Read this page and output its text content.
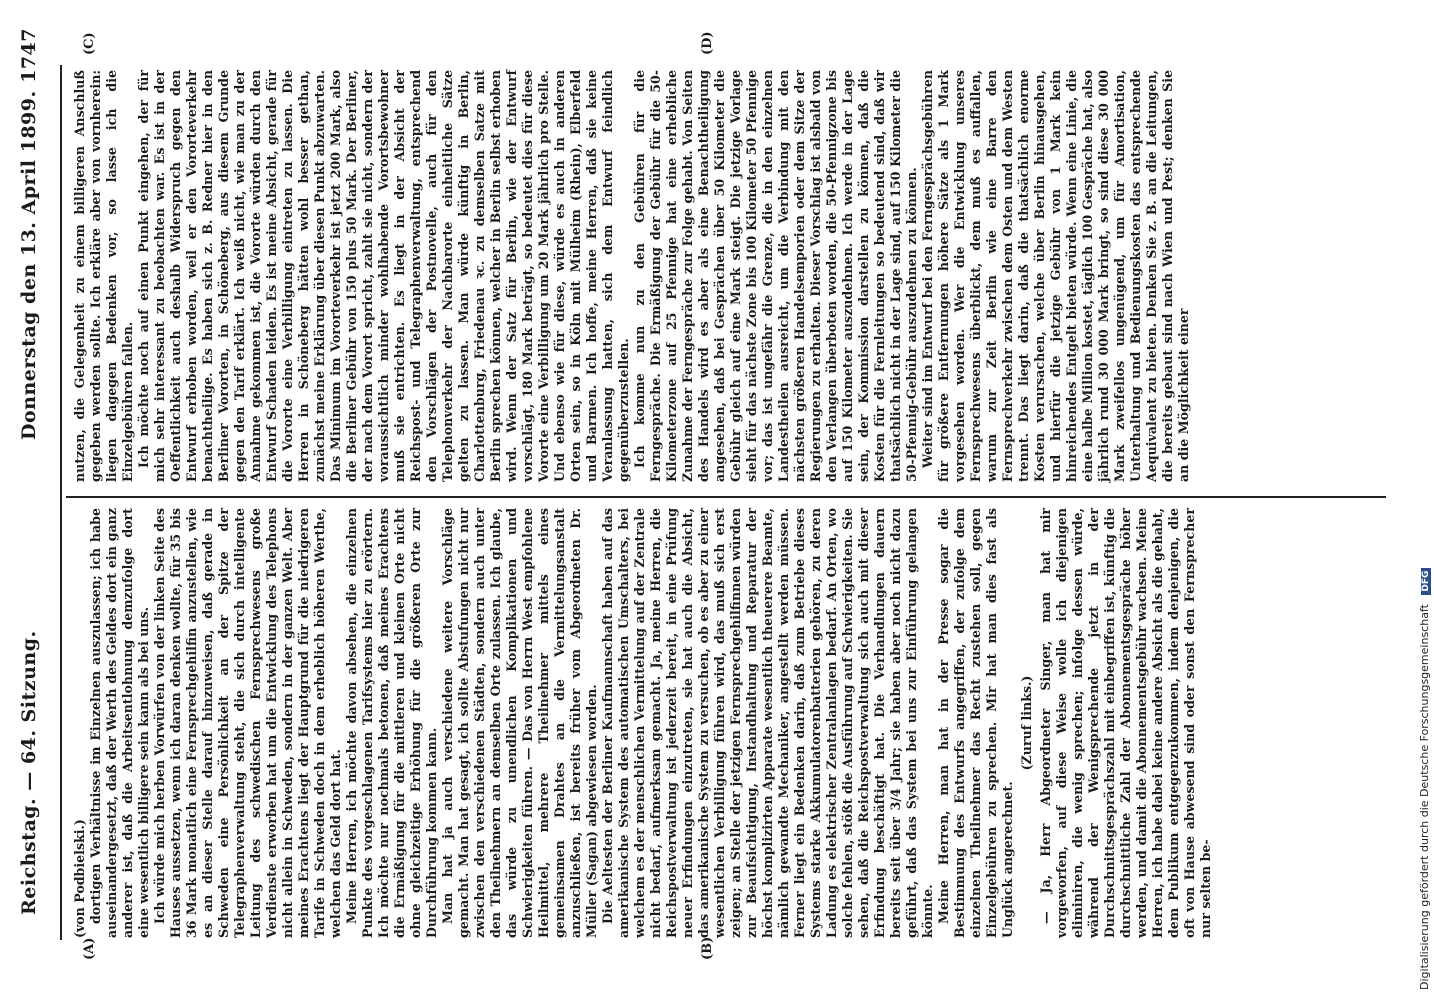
Reichstag. — 64. Sitzung.
Donnerstag den 13. April 1899.
1747
(A)	(B)
(C)	(D)

(von Podbielski.) dortigen Verhältnisse im Einzelnen auszulassen; ich habe auseinandergesetzt, daß der Werth des Geldes dort ein ganz anderer ist, daß die Arbeitsentlohnung demzufolge dort eine wesentlich billigere sein kann als bei uns. Ich würde mich herben Vorwürfen von der linken Seite des Hauses aussetzen, wenn ich daran denken wollte, für 35 bis 36 Mark monatlich eine Fernsprechgehilfin anzustellen, wie es an dieser Stelle darauf hinzuweisen, daß gerade in Schweden eine Persönlichkeit an der Spitze der Telegraphenverwaltung steht, die sich durch intelligente Leitung des schwedischen Fernsprechwesens große Verdienste erworben hat um die Entwicklung des Telephons nicht allein in Schweden, sondern in der ganzen Welt. Aber meines Erachtens liegt der Hauptgrund für die niedrigeren Tarife in Schweden doch in dem erheblich höheren Werthe, welchen das Geld dort hat. Meine Herren, ich möchte davon absehen, die einzelnen Punkte des vorgeschlagenen Tarifsystems hier zu erörtern. Ich möchte nur nochmals betonen, daß meines Erachtens die Ermäßigung für die mittleren und kleinen Orte nicht ohne gleichzeitige Erhöhung für die größeren Orte zur Durchführung kommen kann. Man hat ja auch verschiedene weitere Vorschläge gemacht. Man hat gesagt, ich sollte Abstufungen nicht nur zwischen den verschiedenen Städten, sondern auch unter den Theilnehmern an demselben Orte zulassen. Ich glaube, das würde zu unendlichen Komplikationen und Schwierigkeiten führen. — Das von Herrn West empfohlene Heilmittel, mehrere Theilnehmer mittels eines gemeinsamen Drahtes an die Vermittelungsanstalt anzuschließen, ist bereits früher vom Abgeordneten Dr. Müller (Sagan) abgewiesen worden. Die Aeltesten der Berliner Kaufmannschaft haben auf das amerikanische System des automatischen Umschalters, bei welchem es der menschlichen Vermittelung auf der Zentrale nicht bedarf, aufmerksam gemacht. Ja, meine Herren, die Reichspostverwaltung ist jederzeit bereit, in eine Prüfung neuer Erfindungen einzutreten, sie hat auch die Absicht, das amerikanische System zu versuchen, ob es aber zu einer wesentlichen Verbilligung führen wird, das muß sich erst zeigen; an Stelle der jetzigen Fernsprechgehilfinnen würden zur Beaufsichtigung, Instandhaltung und Reparatur der höchst komplizirten Apparate wesentlich theuerere Beamte, nämlich gewandte Mechaniker, angestellt werden müssen. Ferner liegt ein Bedenken darin, daß zum Betriebe dieses Systems starke Akkumulatorenbatterien gehören, zu deren Ladung es elektrischer Zentralanlagen bedarf. An Orten, wo solche fehlen, stößt die Ausführung auf Schwierigkeiten. Sie sehen, daß die Reichspostverwaltung sich auch mit dieser Erfindung beschäftigt hat. Die Verhandlungen dauern bereits seit über 3/4 Jahr; sie haben aber noch nicht dazu geführt, daß das System bei uns zur Einführung gelangen könnte. Meine Herren, man hat in der Presse sogar die Bestimmung des Entwurfs angegriffen, der zufolge dem einzelnen Theilnehmer das Recht zustehen soll, gegen Einzelgebühren zu sprechen. Mir hat man dies fast als Unglück angerechnet.

(Zuruf links.) — Ja, Herr Abgeordneter Singer, man hat mir vorgeworfen, auf diese Weise wolle ich diejenigen eliminiren, die wenig sprechen; infolge dessen würde, während der Wenigsprechende jetzt in der Durchschnittsgesprächszahl mit einbegriffen ist, künftig die durchschnittliche Zahl der Abonnementsgespräche höher werden, und damit die Abonnementsgebühr wachsen. Meine Herren, ich habe dabei keine andere Absicht als die gehabt, dem Publikum entgegenzukommen, indem denjenigen, die oft von Hause abwesend sind oder sonst den Fernsprecher nur selten be-

nutzen, die Gelegenheit zu einem billigeren Anschluß gegeben werden sollte. Ich erkläre aber von vornherein: liegen dagegen Bedenken vor, so lasse ich die Einzelgebühren fallen. Ich möchte noch auf einen Punkt eingehen, der für mich sehr interessant zu beobachten war. Es ist in der Oeffentlichkeit auch deshalb Widerspruch gegen den Entwurf erhoben worden, weil er den Vororteverkehr benachtheilige. Es haben sich z. B. Redner hier in den Berliner Vororten, in Schöneberg, aus diesem Grunde gegen den Tarif erklärt. Ich weiß nicht, wie man zu der Annahme gekommen ist, die Vororte würden durch den Entwurf Schaden leiden. Es ist meine Absicht, gerade für die Vororte eine Verbilligung eintreten zu lassen. Die Herren in Schöneberg hätten wohl besser gethan, zunächst meine Erklärung über diesen Punkt abzuwarten. Das Minimum im Vororteverkehr ist jetzt 200 Mark, also die Berliner Gebühr von 150 plus 50 Mark. Der Berliner, der nach dem Vorort spricht, zahlt sie nicht, sondern der voraussichtlich minder wohlhabende Vorortsbewohner muß sie entrichten. Es liegt in der Absicht der Reichspost- und Telegraphenverwaltung, entsprechend den Vorschlägen der Postnovelle, auch für den Telephonverkehr der Nachbarorte einheitliche Sätze gelten zu lassen. Man würde künftig in Berlin, Charlottenburg, Friedenau ꝛc. zu demselben Satze mit Berlin sprechen können, welcher in Berlin selbst erhoben wird. Wenn der Satz für Berlin, wie der Entwurf vorschlägt, 180 Mark beträgt, so bedeutet dies für diese Vororte eine Verbilligung um 20 Mark jährlich pro Stelle. Und ebenso wie für diese, würde es auch in anderen Orten sein, so in Köln mit Mülheim (Rhein), Elberfeld und Barmen. Ich hoffe, meine Herren, daß sie keine Veranlassung hatten, sich dem Entwurf feindlich gegenüberzustellen. Ich komme nun zu den Gebühren für die Ferngespräche. Die Ermäßigung der Gebühr für die 50-Kilometerzone auf 25 Pfennige hat eine erhebliche Zunahme der Ferngespräche zur Folge gehabt. Von Seiten des Handels wird es aber als eine Benachtheiligung angesehen, daß bei Gesprächen über 50 Kilometer die Gebühr gleich auf eine Mark steigt. Die jetzige Vorlage sieht für das nächste Zone bis 100 Kilometer 50 Pfennige vor; das ist ungefähr die Grenze, die in den einzelnen Landestheilen ausreicht, um die Verbindung mit den nächsten größeren Handelsemporien oder dem Sitze der Regierungen zu erhalten. Dieser Vorschlag ist alsbald von den Verlangen überboten worden, die 50-Pfennigzone bis auf 150 Kilometer auszudehnen. Ich werde in der Lage sein, der Kommission darstellen zu können, daß die Kosten für die Fernleitungen so bedeutend sind, daß wir thatsächlich nicht in der Lage sind, auf 150 Kilometer die 50-Pfennig-Gebühr auszudehnen zu können. Weiter sind im Entwurf bei den Ferngesprächsgebühren für größere Entfernungen höhere Sätze als 1 Mark vorgesehen worden. Wer die Entwicklung unseres Fernsprechwesens überblickt, dem muß es auffallen, warum zur Zeit Berlin wie eine Barre den Fernsprechverkehr zwischen dem Osten und dem Westen trennt. Das liegt darin, daß die thatsächlich enorme Kosten verursachen, welche über Berlin hinausgehen, und hierfür die jetzige Gebühr von 1 Mark kein hinreichendes Entgelt bieten würde. Wenn eine Linie, die eine halbe Million kostet, täglich 100 Gespräche hat, also jährlich rund 30 000 Mark bringt, so sind diese 30 000 Mark zweifellos ungenügend, um für Amortisation, Unterhaltung und Bedienungskosten das entsprechende Aequivalent zu bieten. Denken Sie z. B. an die Leitungen, die bereits gebaut sind nach Wien und Pest; denken Sie an die Möglichkeit einer

Digitalisierung gefördert durch die Deutsche Forschungsgemeinschaft DFG
